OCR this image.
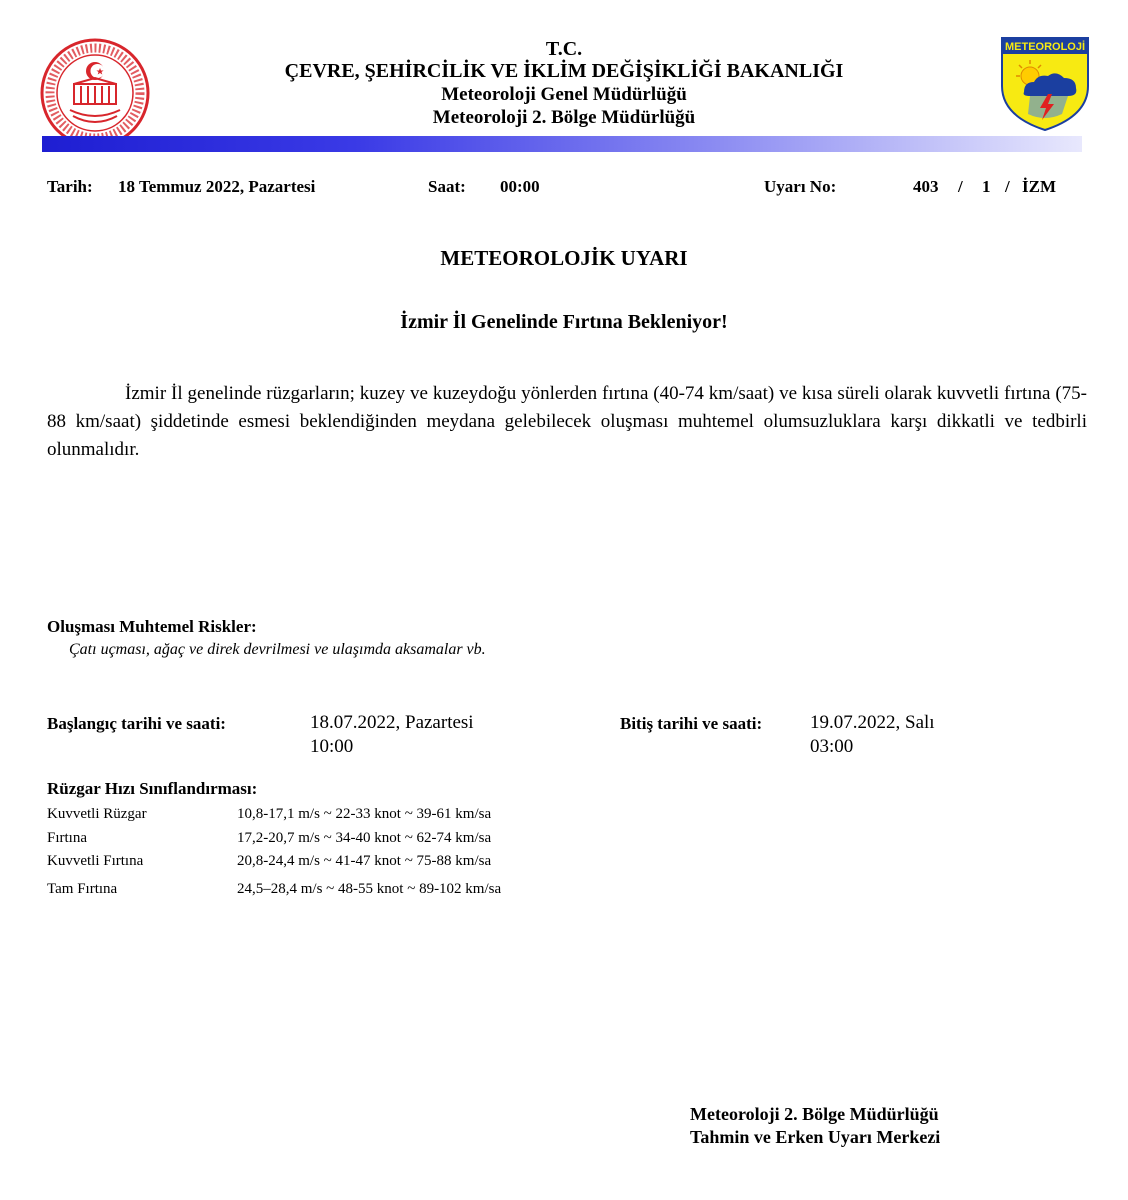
T.C.
ÇEVRE, ŞEHİRCİLİK VE İKLİM DEĞİŞİKLİĞİ BAKANLIĞI
Meteoroloji Genel Müdürlüğü
Meteoroloji 2. Bölge Müdürlüğü
METEOROLOJİ
Tarih: 18 Temmuz 2022, Pazartesi	Saat: 00:00	Uyarı No:	403 / 1 / İZM
METEOROLOJİK UYARI
İzmir İl Genelinde Fırtına Bekleniyor!

İzmir İl genelinde rüzgarların; kuzey ve kuzeydoğu yönlerden fırtına (40-74 km/saat) ve kısa süreli olarak kuvvetli fırtına (75-88 km/saat) şiddetinde esmesi beklendiğinden meydana gelebilecek oluşması muhtemel olumsuzluklara karşı dikkatli ve tedbirli olunmalıdır.

Oluşması Muhtemel Riskler:
Çatı uçması, ağaç ve direk devrilmesi ve ulaşımda aksamalar vb.
Başlangıç tarihi ve saati:	18.07.2022, Pazartesi
10:00
Bitiş tarihi ve saati:	19.07.2022, Salı
03:00
Rüzgar Hızı Sınıflandırması:
Kuvvetli Rüzgar	10,8-17,1 m/s ~ 22-33 knot ~ 39-61 km/sa
Fırtına	17,2-20,7 m/s ~ 34-40 knot ~ 62-74 km/sa
Kuvvetli Fırtına	20,8-24,4 m/s ~ 41-47 knot ~ 75-88 km/sa
Tam Fırtına	24,5–28,4 m/s ~ 48-55 knot ~ 89-102 km/sa
Meteoroloji 2. Bölge Müdürlüğü
Tahmin ve Erken Uyarı Merkezi
